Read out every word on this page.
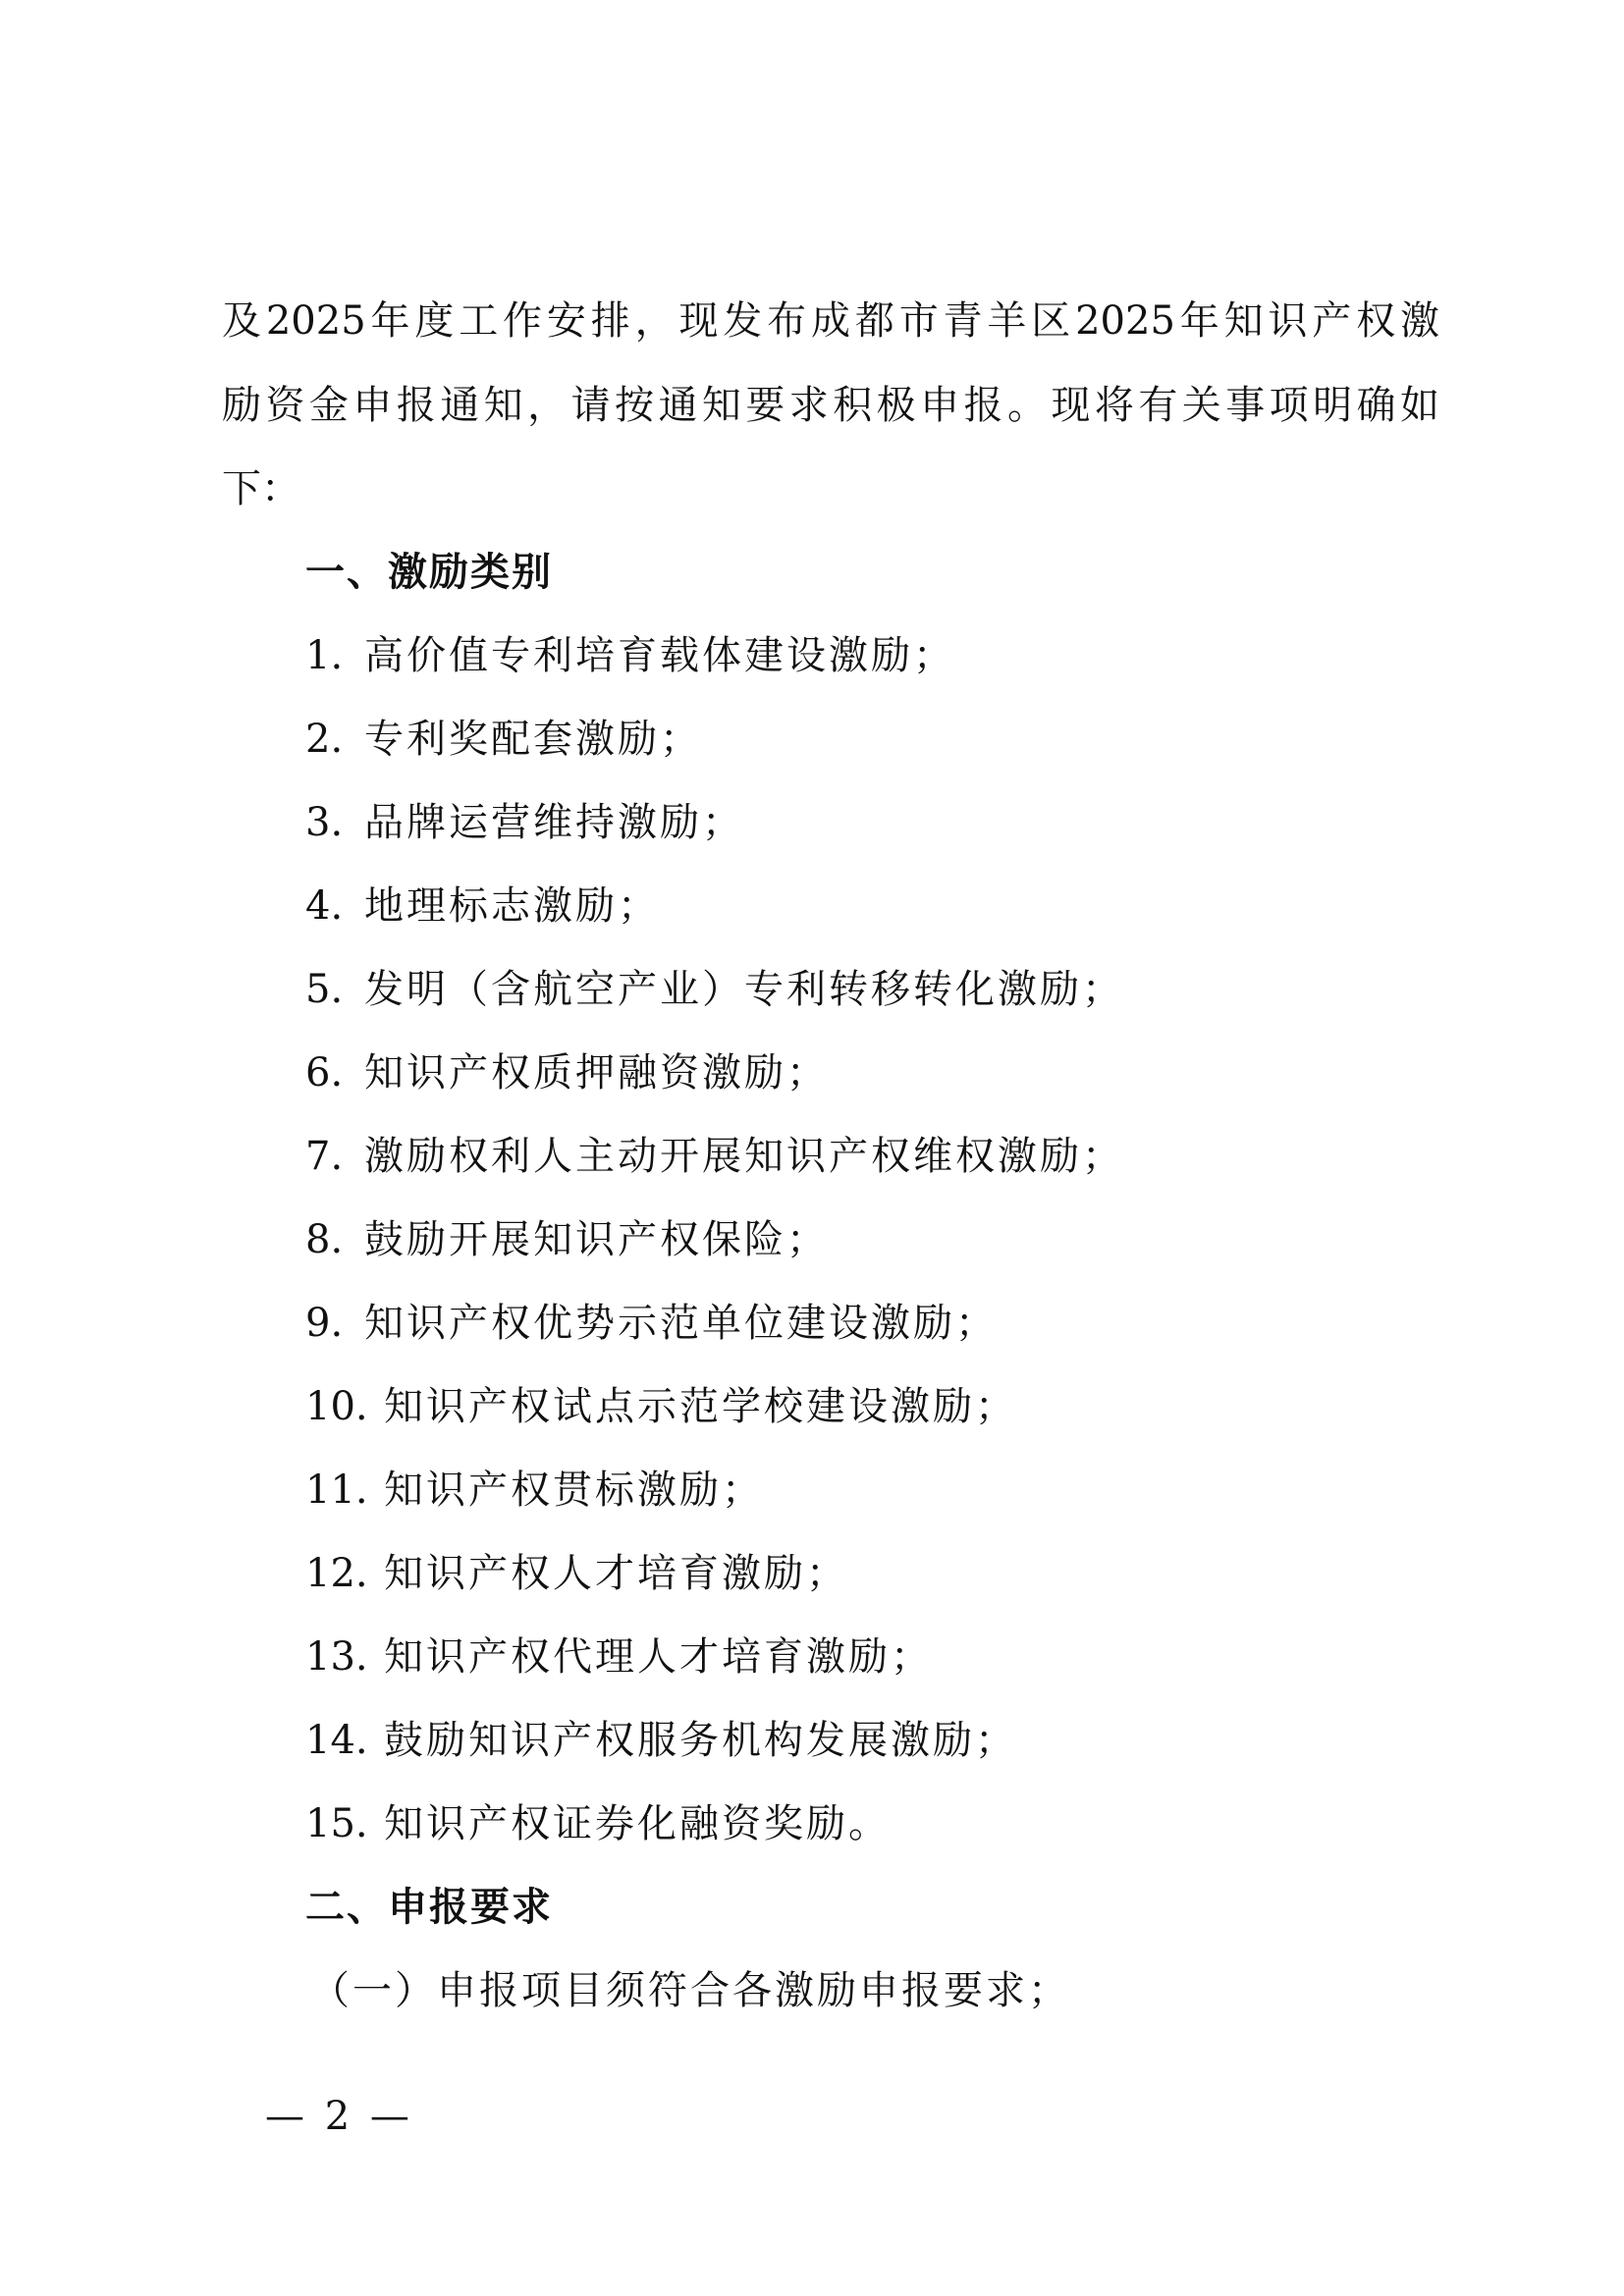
及2025年度工作安排，现发布成都市青羊区2025年知识产权激
励资金申报通知，请按通知要求积极申报。现将有关事项明确如
下：
一、激励类别
1. 高价值专利培育载体建设激励；
2. 专利奖配套激励；
3. 品牌运营维持激励；
4. 地理标志激励；
5. 发明（含航空产业）专利转移转化激励；
6. 知识产权质押融资激励；
7. 激励权利人主动开展知识产权维权激励；
8. 鼓励开展知识产权保险；
9. 知识产权优势示范单位建设激励；
10. 知识产权试点示范学校建设激励；
11. 知识产权贯标激励；
12. 知识产权人才培育激励；
13. 知识产权代理人才培育激励；
14. 鼓励知识产权服务机构发展激励；
15. 知识产权证券化融资奖励。
二、申报要求
（一）申报项目须符合各激励申报要求；
— 2 —
